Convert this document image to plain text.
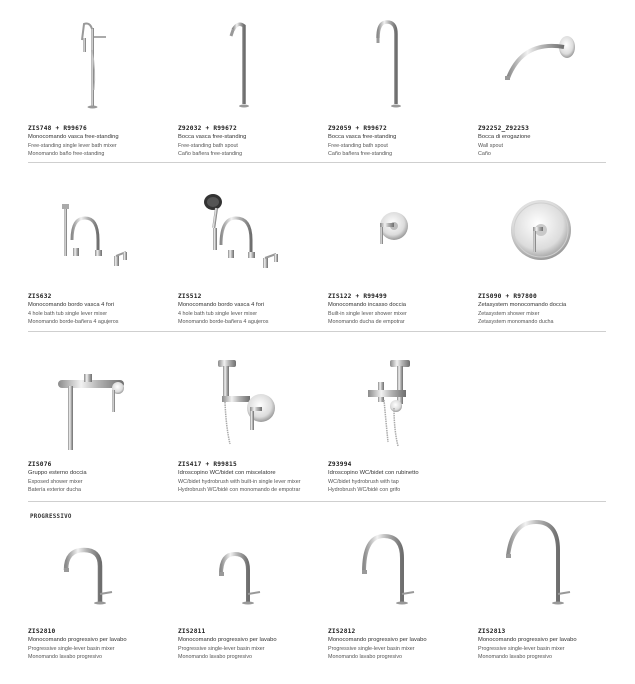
ZIS748 + R99676
Monocomando vasca free-standing
Free-standing single lever bath mixer
Monomando baño free-standing
Z92032 + R99672
Bocca vasca free-standing
Free-standing bath spout
Caño bañera free-standing
Z92059 + R99672
Bocca vasca free-standing
Free-standing bath spout
Caño bañera free-standing
Z92252_Z92253
Bocca di erogazione
Wall spout
Caño
ZIS632
Monocomando bordo vasca 4 fori
4 hole bath tub single lever mixer
Monomando borde-bañera 4 agujeros
ZIS512
Monocomando bordo vasca 4 fori
4 hole bath tub single lever mixer
Monomando borde-bañera 4 agujeros
ZIS122 + R99499
Monocomando incasso doccia
Built-in single lever shower mixer
Monomando ducha de empotrar
ZIS090 + R97800
Zetasystem monocomando doccia
Zetasystem shower mixer
Zetasystem monomando ducha
ZIS076
Gruppo esterno doccia
Exposed shower mixer
Batería exterior ducha
ZIS417 + R99815
Idroscopino WC/bidet con miscelatore
WC/bidet hydrobrush with built-in single lever mixer
Hydrobrush WC/bidé con monomando de empotrar
Z93994
Idroscopino WC/bidet con rubinetto
WC/bidet hydrobrush with tap
Hydrobrush WC/bidé con grifo
PROGRESSIVO
ZIS2810
Monocomando progressivo per lavabo
Progressive single-lever basin mixer
Monomando lavabo progresivo
ZIS2811
Monocomando progressivo per lavabo
Progressive single-lever basin mixer
Monomando lavabo progresivo
ZIS2812
Monocomando progressivo per lavabo
Progressive single-lever basin mixer
Monomando lavabo progresivo
ZIS2813
Monocomando progressivo per lavabo
Progressive single-lever basin mixer
Monomando lavabo progresivo
